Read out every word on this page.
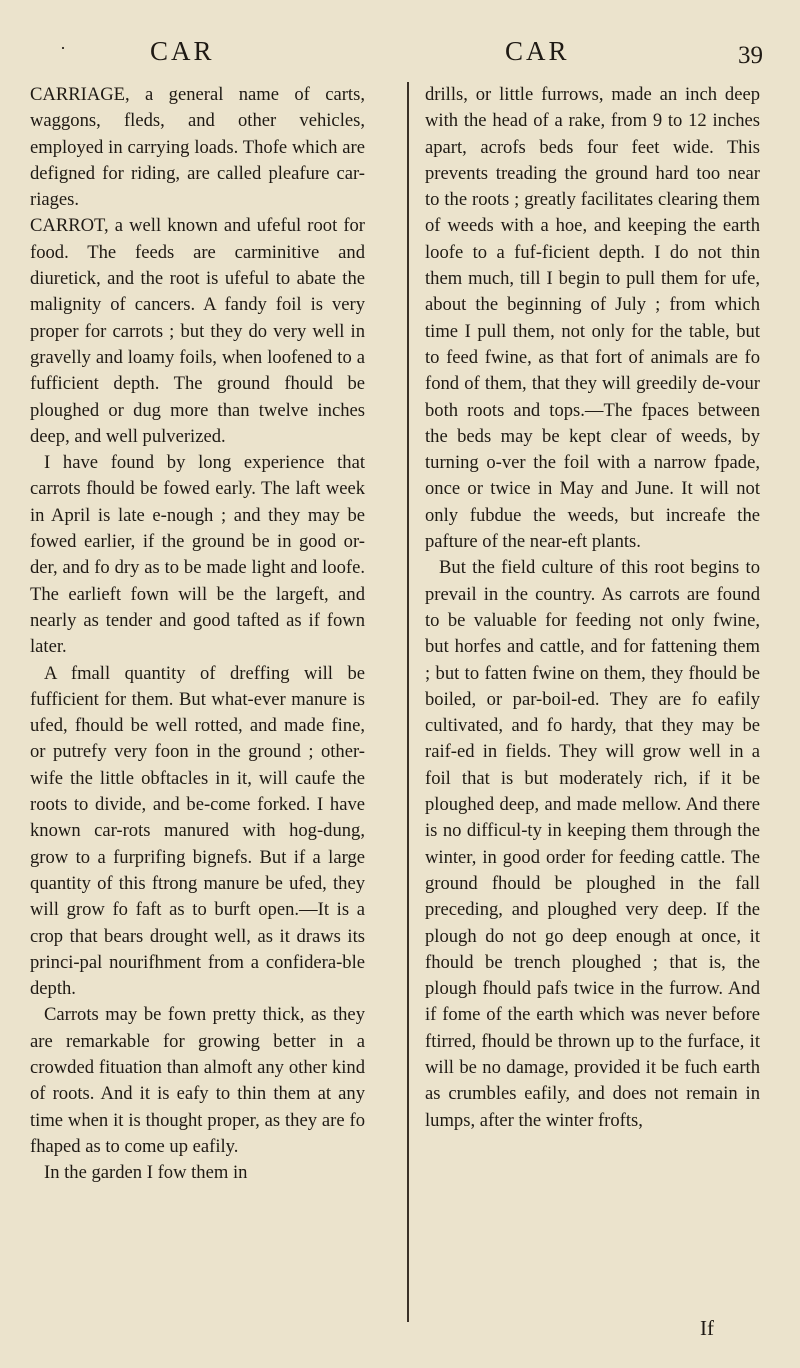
·	CAR	CAR	39

CARRIAGE, a general name of carts, waggons, fleds, and other vehicles, employed in carrying loads. Thofe which are defigned for riding, are called pleafure car-riages.

CARROT, a well known and ufeful root for food. The feeds are carminitive and diuretick, and the root is ufeful to abate the malignity of cancers. A fandy foil is very proper for carrots ; but they do very well in gravelly and loamy foils, when loofened to a fufficient depth. The ground fhould be ploughed or dug more than twelve inches deep, and well pulverized.

I have found by long experience that carrots fhould be fowed early. The laft week in April is late e-nough ; and they may be fowed earlier, if the ground be in good or-der, and fo dry as to be made light and loofe. The earlieft fown will be the largeft, and nearly as tender and good tafted as if fown later.

A fmall quantity of dreffing will be fufficient for them. But what-ever manure is ufed, fhould be well rotted, and made fine, or putrefy very foon in the ground ; other-wife the little obftacles in it, will caufe the roots to divide, and be-come forked. I have known car-rots manured with hog-dung, grow to a furprifing bignefs. But if a large quantity of this ftrong manure be ufed, they will grow fo faft as to burft open.—It is a crop that bears drought well, as it draws its princi-pal nourifhment from a confidera-ble depth.

Carrots may be fown pretty thick, as they are remarkable for growing better in a crowded fituation than almoft any other kind of roots. And it is eafy to thin them at any time when it is thought proper, as they are fo fhaped as to come up eafily.

In the garden I fow them in

drills, or little furrows, made an inch deep with the head of a rake, from 9 to 12 inches apart, acrofs beds four feet wide. This prevents treading the ground hard too near to the roots ; greatly facilitates clearing them of weeds with a hoe, and keeping the earth loofe to a fuf-ficient depth. I do not thin them much, till I begin to pull them for ufe, about the beginning of July ; from which time I pull them, not only for the table, but to feed fwine, as that fort of animals are fo fond of them, that they will greedily de-vour both roots and tops.—The fpaces between the beds may be kept clear of weeds, by turning o-ver the foil with a narrow fpade, once or twice in May and June. It will not only fubdue the weeds, but increafe the pafture of the near-eft plants.

But the field culture of this root begins to prevail in the country. As carrots are found to be valuable for feeding not only fwine, but horfes and cattle, and for fattening them ; but to fatten fwine on them, they fhould be boiled, or par-boil-ed. They are fo eafily cultivated, and fo hardy, that they may be raif-ed in fields. They will grow well in a foil that is but moderately rich, if it be ploughed deep, and made mellow. And there is no difficul-ty in keeping them through the winter, in good order for feeding cattle. The ground fhould be ploughed in the fall preceding, and ploughed very deep. If the plough do not go deep enough at once, it fhould be trench ploughed ; that is, the plough fhould pafs twice in the furrow. And if fome of the earth which was never before ftirred, fhould be thrown up to the furface, it will be no damage, provided it be fuch earth as crumbles eafily, and does not remain in lumps, after the winter frofts,

If
